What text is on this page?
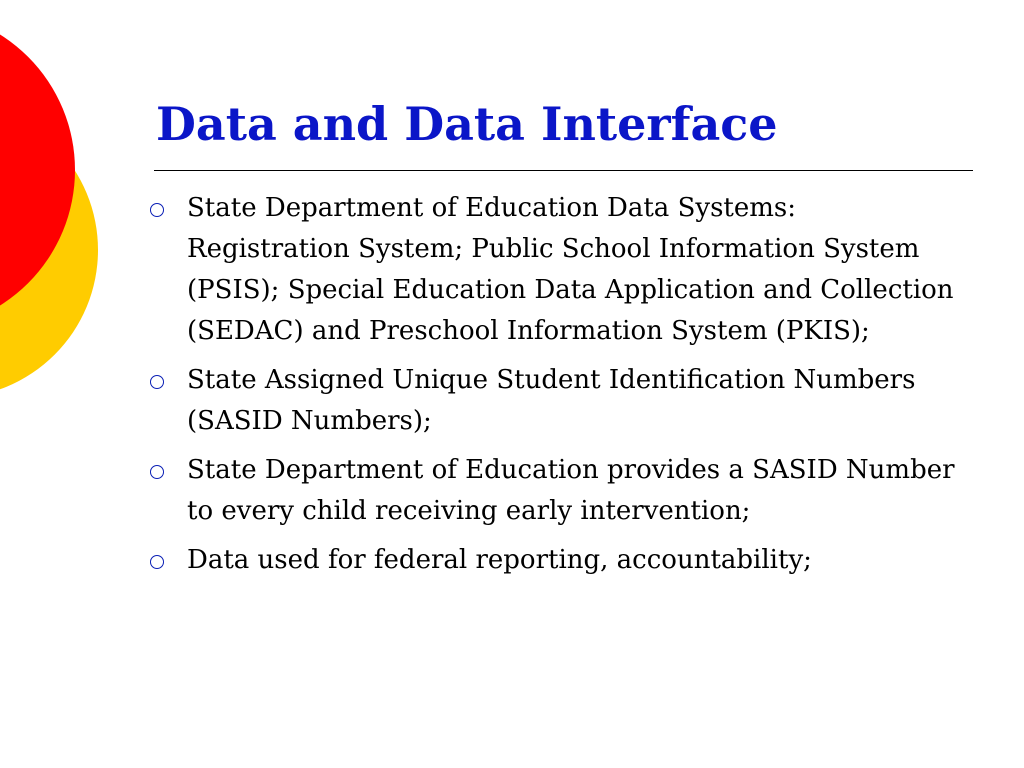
Data and Data Interface
State Department of Education Data Systems: Registration System; Public School Information System (PSIS); Special Education Data Application and Collection (SEDAC) and Preschool Information System (PKIS);
State Assigned Unique Student Identification Numbers (SASID Numbers);
State Department of Education provides a SASID Number to every child receiving early intervention;
Data used for federal reporting, accountability;
